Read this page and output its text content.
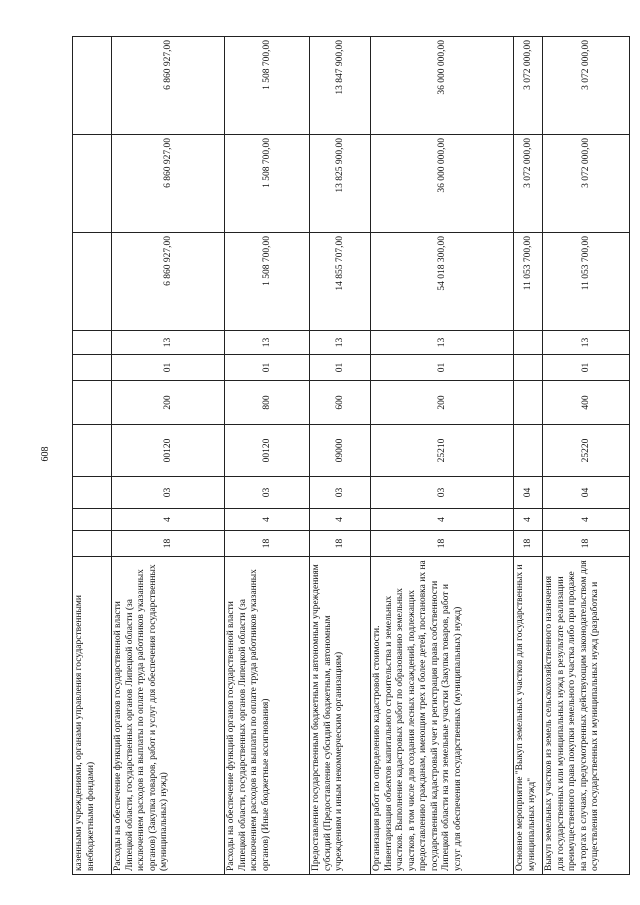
608
казенными учреждениями, органами управления государственными внебюджетными фондами)										
Расходы на обеспечение функций органов государственной власти Липецкой области, государственных органов Липецкой области (за исключением расходов на выплаты по оплате труда работников указанных органов) (Закупка товаров, работ и услуг для обеспечения государственных (муниципальных) нужд)	18	4	03	00120	200	01	13	6 860 927,00	6 860 927,00	6 860 927,00
Расходы на обеспечение функций органов государственной власти Липецкой области, государственных органов Липецкой области (за исключением расходов на выплаты по оплате труда работников указанных органов) (Иные бюджетные ассигнования)	18	4	03	00120	800	01	13	1 508 700,00	1 508 700,00	1 508 700,00
Предоставление государственным бюджетным и автономным учреждениям субсидий (Предоставление субсидий бюджетным, автономным учреждениям и иным некоммерческим организациям)	18	4	03	09000	600	01	13	14 855 707,00	13 825 900,00	13 847 900,00
Организация работ по определению кадастровой стоимости. Инвентаризация объектов капитального строительства и земельных участков. Выполнение кадастровых работ по образованию земельных участков, в том числе для создания лесных насаждений, подлежащих предоставлению гражданам, имеющим трех и более детей, постановка их на государственный кадастровый учет и регистрация права собственности Липецкой области на эти земельные участки (Закупка товаров, работ и услуг для обеспечения государственных (муниципальных) нужд)	18	4	03	25210	200	01	13	54 018 300,00	36 000 000,00	36 000 000,00
Основное мероприятие "Выкуп земельных участков для государственных и муниципальных нужд"	18	4	04					11 053 700,00	3 072 000,00	3 072 000,00
Выкуп земельных участков из земель сельскохозяйственного назначения для государственных или муниципальных нужд в результате реализации преимущественного права покупки земельного участка либо при продаже на торгах в случаях, предусмотренных действующим законодательством для осуществления государственных и муниципальных нужд (разработка и	18	4	04	25220	400	01	13	11 053 700,00	3 072 000,00	3 072 000,00
